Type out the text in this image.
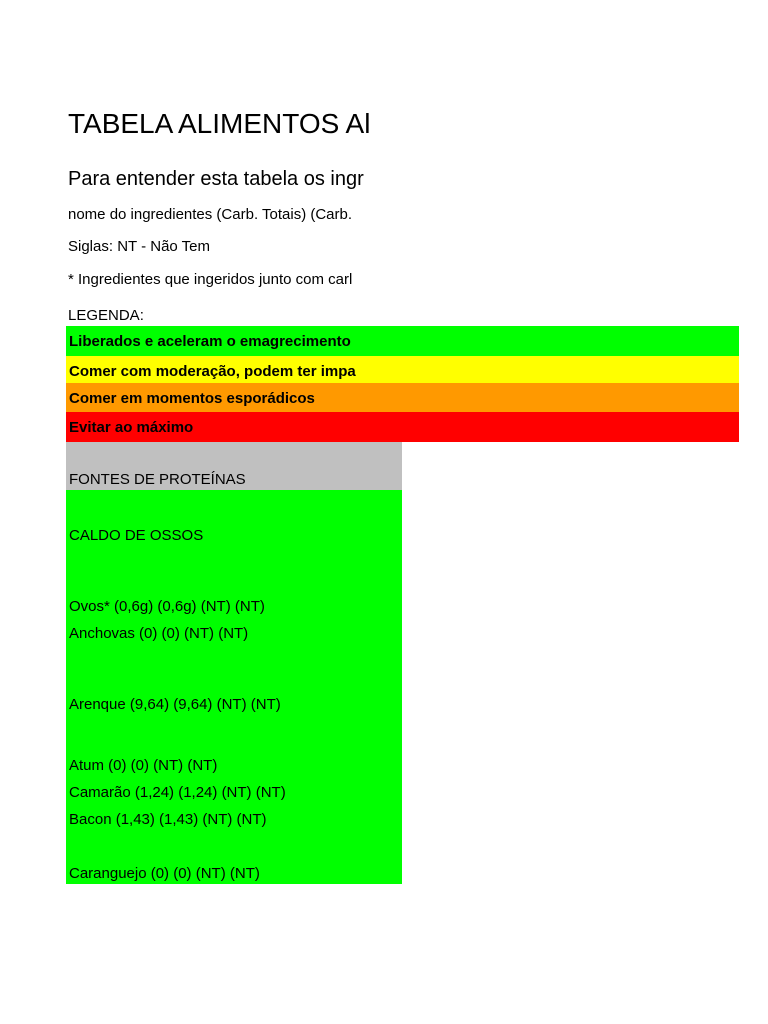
TABELA ALIMENTOS Al
Para entender esta tabela os ingr
nome do ingredientes (Carb. Totais) (Carb.
Siglas: NT - Não Tem
* Ingredientes que ingeridos junto com carl
LEGENDA:
Liberados e aceleram o emagrecimento
Comer com moderação, podem ter impa
Comer em momentos esporádicos
Evitar ao máximo
FONTES DE PROTEÍNAS
CALDO DE OSSOS
Ovos* (0,6g) (0,6g) (NT) (NT)
Anchovas (0) (0) (NT) (NT)
Arenque (9,64) (9,64) (NT) (NT)
Atum (0) (0) (NT) (NT)
Camarão (1,24) (1,24) (NT) (NT)
Bacon (1,43) (1,43) (NT) (NT)
Caranguejo (0) (0) (NT) (NT)
